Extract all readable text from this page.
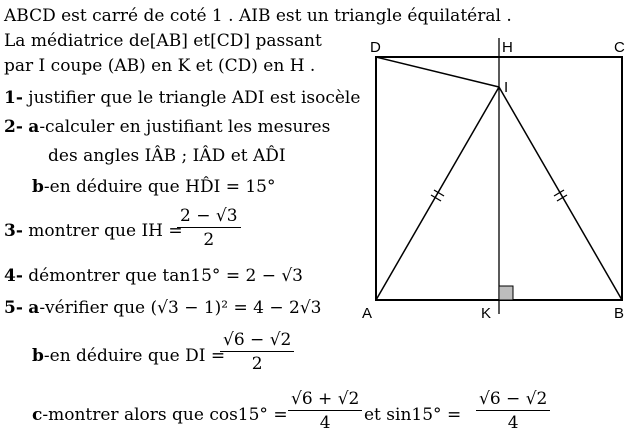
ABCD est carré de coté 1 . AIB est un triangle équilatéral .
La médiatrice de[AB] et[CD] passant
par I coupe (AB) en K et (CD) en H .
1- justifier que le triangle ADI est isocèle
2- a-calculer en justifiant les mesures
des angles IÂB ; IÂD et AD̂I
b-en déduire que HD̂I = 15°
3- montrer que IH =
2 − √3
2
4- démontrer que tan15° = 2 − √3
5- a-vérifier que (√3 − 1)² = 4 − 2√3
b-en déduire que DI =
√6 − √2
2
c-montrer alors que cos15° =
√6 + √2
4	et sin15° =
√6 − √2
4
D	H	C
I
A	K	B
